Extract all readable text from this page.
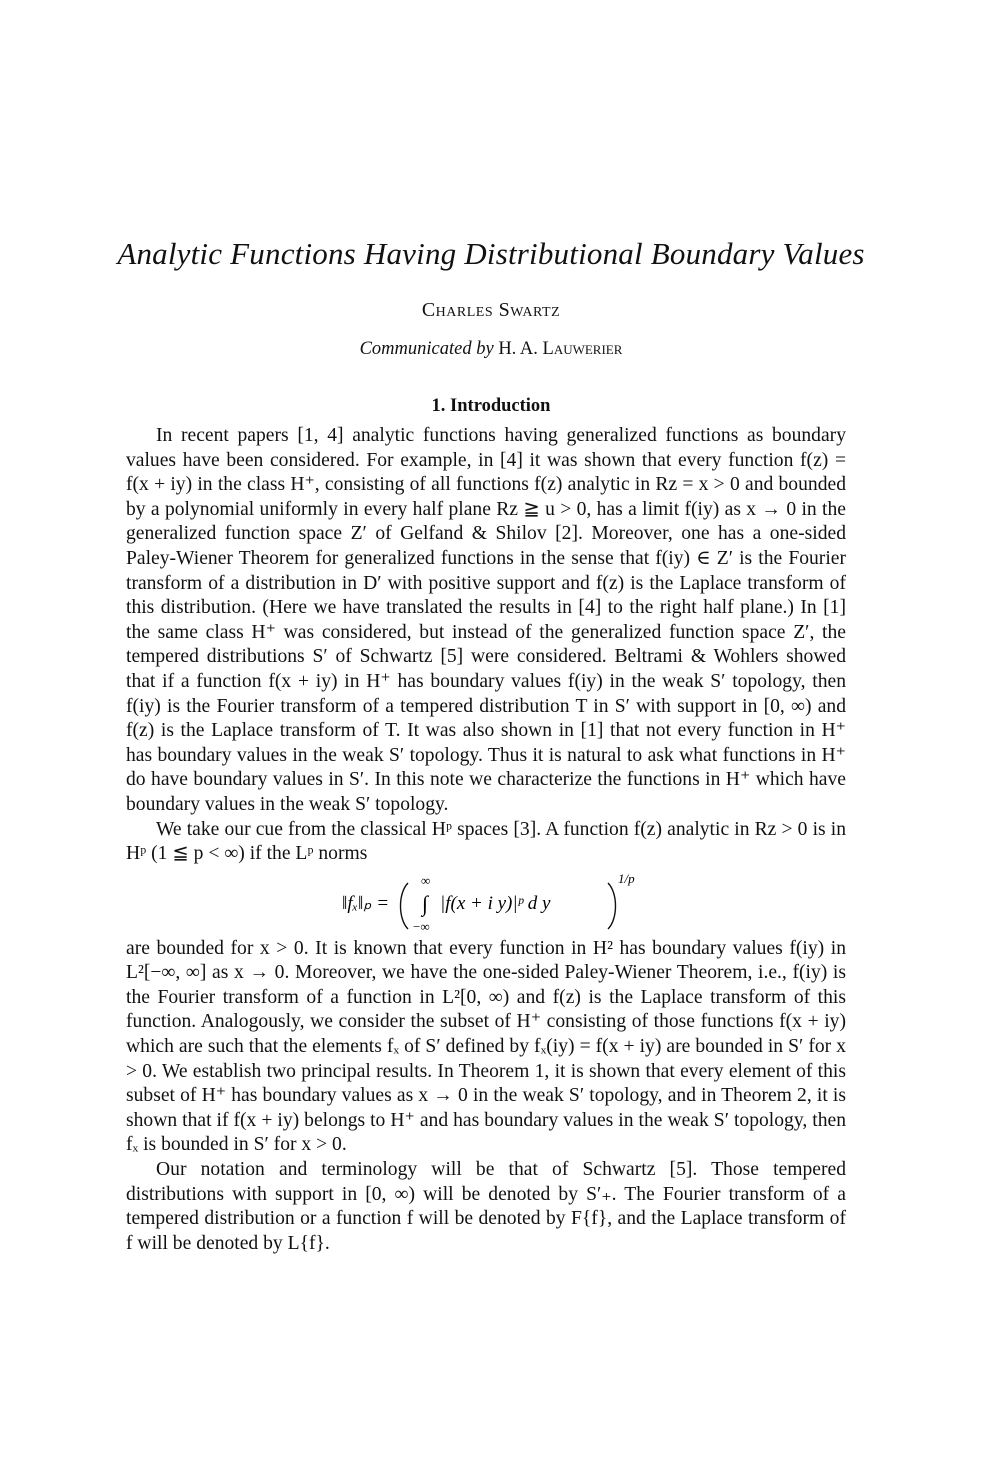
Analytic Functions Having Distributional Boundary Values
Charles Swartz
Communicated by H. A. Lauwerier
1. Introduction

In recent papers [1, 4] analytic functions having generalized functions as boundary values have been considered. For example, in [4] it was shown that every function f(z) = f(x + iy) in the class H⁺, consisting of all functions f(z) analytic in Rz = x > 0 and bounded by a polynomial uniformly in every half plane Rz ≧ u > 0, has a limit f(iy) as x → 0 in the generalized function space Z′ of Gelfand & Shilov [2]. Moreover, one has a one-sided Paley-Wiener Theorem for generalized functions in the sense that f(iy) ∈ Z′ is the Fourier transform of a distribution in D′ with positive support and f(z) is the Laplace transform of this distribution. (Here we have translated the results in [4] to the right half plane.) In [1] the same class H⁺ was considered, but instead of the generalized function space Z′, the tempered distributions S′ of Schwartz [5] were considered. Beltrami & Wohlers showed that if a function f(x + iy) in H⁺ has boundary values f(iy) in the weak S′ topology, then f(iy) is the Fourier transform of a tempered distribution T in S′ with support in [0, ∞) and f(z) is the Laplace transform of T. It was also shown in [1] that not every function in H⁺ has boundary values in the weak S′ topology. Thus it is natural to ask what functions in H⁺ do have boundary values in S′. In this note we characterize the functions in H⁺ which have boundary values in the weak S′ topology.

We take our cue from the classical Hᵖ spaces [3]. A function f(z) analytic in Rz > 0 is in Hᵖ (1 ≦ p < ∞) if the Lᵖ norms

‖fₓ‖ₚ =
∞
∫
−∞
|f(x + i y)|ᵖ d y
1/p

are bounded for x > 0. It is known that every function in H² has boundary values f(iy) in L²[−∞, ∞] as x → 0. Moreover, we have the one-sided Paley-Wiener Theorem, i.e., f(iy) is the Fourier transform of a function in L²[0, ∞) and f(z) is the Laplace transform of this function. Analogously, we consider the subset of H⁺ consisting of those functions f(x + iy) which are such that the elements fₓ of S′ defined by fₓ(iy) = f(x + iy) are bounded in S′ for x > 0. We establish two principal results. In Theorem 1, it is shown that every element of this subset of H⁺ has boundary values as x → 0 in the weak S′ topology, and in Theorem 2, it is shown that if f(x + iy) belongs to H⁺ and has boundary values in the weak S′ topology, then fₓ is bounded in S′ for x > 0.

Our notation and terminology will be that of Schwartz [5]. Those tempered distributions with support in [0, ∞) will be denoted by S′₊. The Fourier transform of a tempered distribution or a function f will be denoted by F{f}, and the Laplace transform of f will be denoted by L{f}.
